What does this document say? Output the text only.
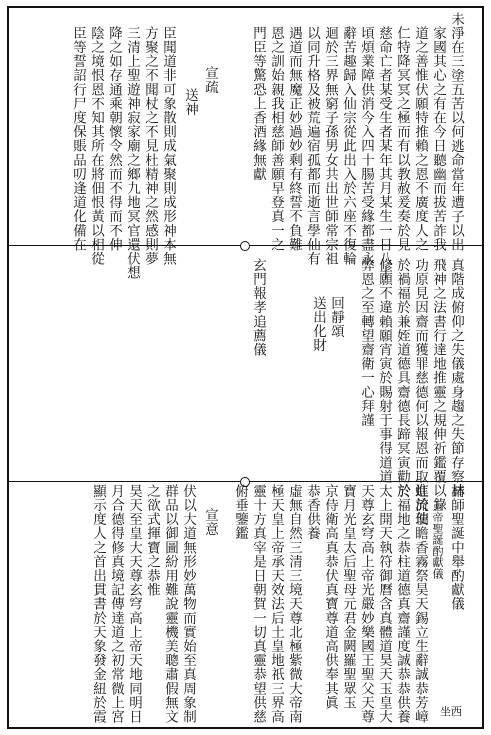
未淨在三塗五苦以何逃命當年遭子以出
家國其心之有在今日聽幽而拔苦詐我
道之善惟伏願特推賴之恩不廣度人之
仁特降冥冥之極而有以教赦爰奏於見
慈命亡者某受生者某年其月某生一日八十
頃煩業障供消今入四十腸苦受緣都盡永
辭苦趣歸入仙宗從此出入於六座不復輪
迴於三界無窮子孫男女共出世師常宗祖
以同升格及被荒遍宿孤都而逝言學仙有
遇道而無魔正妙過妙剩有終誓不負難
恩之訓始親我相慈師善願早登真一之
門臣等驚恐上香酒緣無獻
宣疏
送神
臣聞道非可象散則成氣聚則成形神本無
方聚之不聞杖之不見杜精神之然感則夢
三清上聖遊神寂家廟之鄉九地冥官還伏想
降之如存通乘朝懷令然而不得而不伸
陰之境恨恩不知其所在將佃恨黃以相從
臣等誓詔行尸度保賬品叨逢道化備在
真階成俯仰之失儀處身趨之失節存察林
飛神之法書行達地推靈之規伸祈鑑覆以錄
功原見因齋而獲罪慈德何以報恩而取進於使
於禍福於兼姪道德具齋德長蹄冥寅勸於
修願不違賴願宵寅於賜射于事得道道
弊恩之至轉望齋衛一心拜謹
回靜頌
送出化財
玄門報孝追薦儀
請師聖誕中舉酌獻儀
玉帝聖誕酌獻儀
虹流瑞瞻香霧祭昊天錫立生辭誠恭芳嶂
於福地之恭柱道德真齋謹度誠恭恭供養
太上開天執符御曆含真體道昊天玉皇大
天尊玄穹高上帝光嚴妙樂國王聖父天尊
寶月光皇太后聖母元君金闕羅聖眾玉
京侍衛高真恭伏真寶尊道高供奉其眞
恭香供養
虛無自然三清三境天尊北極紫微大帝南
極天皇上帝承天效法后土皇地祇三界高
靈十方真宰是日朝賀一切真靈恭望供慈
俯垂鑒鑑
宣意
伏以大道無形妙萬物而實始至真周象制
群品以御圖紛用難說靈機美聰肅假無文
之欲式揮寶之恭惟
昊天至皇大天尊玄穹高上帝天地同明日
月合德得修真境記傳達道之初常微上宮
顯示度人之首出貫書於天象發金紐於霞	坐西
